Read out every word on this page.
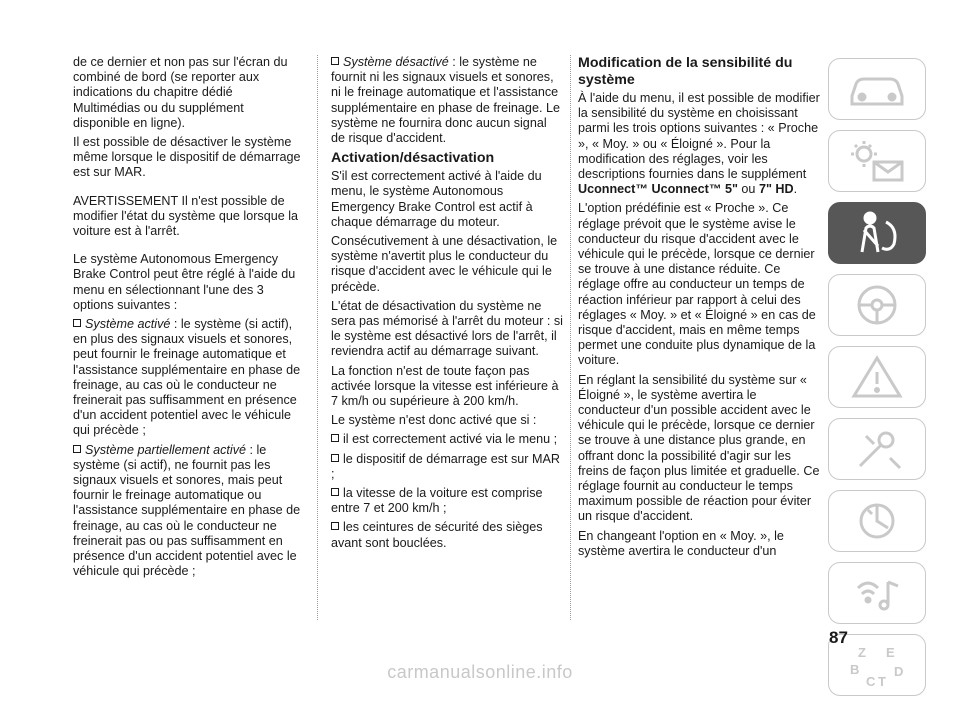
de ce dernier et non pas sur l'écran du combiné de bord (se reporter aux indications du chapitre dédié Multimédias ou du supplément disponible en ligne).

Il est possible de désactiver le système même lorsque le dispositif de démarrage est sur MAR.

AVERTISSEMENT Il n'est possible de modifier l'état du système que lorsque la voiture est à l'arrêt.

Le système Autonomous Emergency Brake Control peut être réglé à l'aide du menu en sélectionnant l'une des 3 options suivantes :

Système activé : le système (si actif), en plus des signaux visuels et sonores, peut fournir le freinage automatique et l'assistance supplémentaire en phase de freinage, au cas où le conducteur ne freinerait pas suffisamment en présence d'un accident potentiel avec le véhicule qui précède ;

Système partiellement activé : le système (si actif), ne fournit pas les signaux visuels et sonores, mais peut fournir le freinage automatique ou l'assistance supplémentaire en phase de freinage, au cas où le conducteur ne freinerait pas ou pas suffisamment en présence d'un accident potentiel avec le véhicule qui précède ;

Système désactivé : le système ne fournit ni les signaux visuels et sonores, ni le freinage automatique et l'assistance supplémentaire en phase de freinage. Le système ne fournira donc aucun signal de risque d'accident.

Activation/désactivation

S'il est correctement activé à l'aide du menu, le système Autonomous Emergency Brake Control est actif à chaque démarrage du moteur.

Consécutivement à une désactivation, le système n'avertit plus le conducteur du risque d'accident avec le véhicule qui le précède.

L'état de désactivation du système ne sera pas mémorisé à l'arrêt du moteur : si le système est désactivé lors de l'arrêt, il reviendra actif au démarrage suivant.

La fonction n'est de toute façon pas activée lorsque la vitesse est inférieure à 7 km/h ou supérieure à 200 km/h.

Le système n'est donc activé que si :

il est correctement activé via le menu ;

le dispositif de démarrage est sur MAR ;

la vitesse de la voiture est comprise entre 7 et 200 km/h ;

les ceintures de sécurité des sièges avant sont bouclées.

Modification de la sensibilité du système

À l'aide du menu, il est possible de modifier la sensibilité du système en choisissant parmi les trois options suivantes : « Proche », « Moy. » ou « Éloigné ». Pour la modification des réglages, voir les descriptions fournies dans le supplément Uconnect™ Uconnect™ 5" ou 7" HD.

L'option prédéfinie est « Proche ». Ce réglage prévoit que le système avise le conducteur du risque d'accident avec le véhicule qui le précède, lorsque ce dernier se trouve à une distance réduite. Ce réglage offre au conducteur un temps de réaction inférieur par rapport à celui des réglages « Moy. » et « Éloigné » en cas de risque d'accident, mais en même temps permet une conduite plus dynamique de la voiture.

En réglant la sensibilité du système sur « Éloigné », le système avertira le conducteur d'un possible accident avec le véhicule qui le précède, lorsque ce dernier se trouve à une distance plus grande, en offrant donc la possibilité d'agir sur les freins de façon plus limitée et graduelle. Ce réglage fournit au conducteur le temps maximum possible de réaction pour éviter un risque d'accident.

En changeant l'option en « Moy. », le système avertira le conducteur d'un

Z E
B
C T
D
87
carmanualsonline.info
